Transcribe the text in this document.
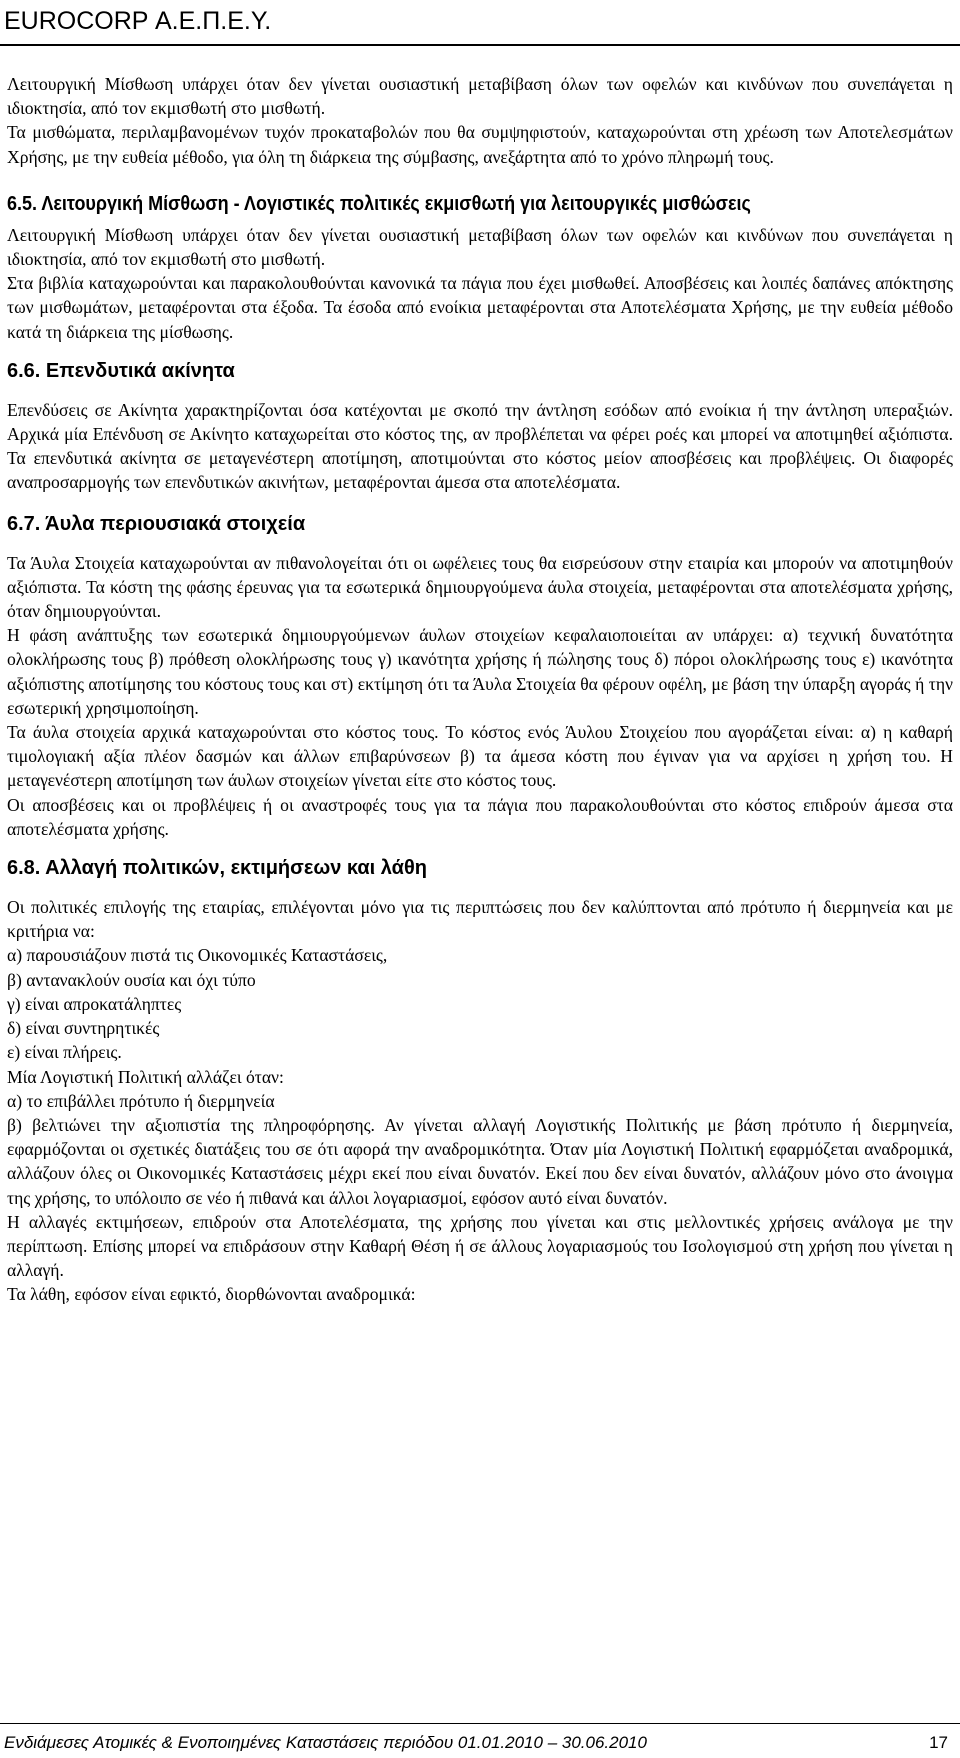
EUROCORP Α.Ε.Π.Ε.Υ.

Λειτουργική Μίσθωση υπάρχει όταν δεν γίνεται ουσιαστική μεταβίβαση όλων των οφελών και κινδύνων που συνεπάγεται η ιδιοκτησία, από τον εκμισθωτή στο μισθωτή.

Τα μισθώματα, περιλαμβανομένων τυχόν προκαταβολών που θα συμψηφιστούν, καταχωρούνται στη χρέωση των Αποτελεσμάτων Χρήσης, με την ευθεία μέθοδο, για όλη τη διάρκεια της σύμβασης, ανεξάρτητα από το χρόνο πληρωμή τους.

6.5. Λειτουργική Μίσθωση - Λογιστικές πολιτικές εκμισθωτή για λειτουργικές μισθώσεις

Λειτουργική Μίσθωση υπάρχει όταν δεν γίνεται ουσιαστική μεταβίβαση όλων των οφελών και κινδύνων που συνεπάγεται η ιδιοκτησία, από τον εκμισθωτή στο μισθωτή.

Στα βιβλία καταχωρούνται και παρακολουθούνται κανονικά τα πάγια που έχει μισθωθεί. Αποσβέσεις και λοιπές δαπάνες απόκτησης των μισθωμάτων, μεταφέρονται στα έξοδα. Τα έσοδα από ενοίκια μεταφέρονται στα Αποτελέσματα Χρήσης, με την ευθεία μέθοδο κατά τη διάρκεια της μίσθωσης.

6.6. Επενδυτικά ακίνητα

Επενδύσεις σε Ακίνητα χαρακτηρίζονται όσα κατέχονται με σκοπό την άντληση εσόδων από ενοίκια ή την άντληση υπεραξιών. Αρχικά μία Επένδυση σε Ακίνητο καταχωρείται στο κόστος της, αν προβλέπεται να φέρει ροές και μπορεί να αποτιμηθεί αξιόπιστα. Τα επενδυτικά ακίνητα σε μεταγενέστερη αποτίμηση, αποτιμούνται στο κόστος μείον αποσβέσεις και προβλέψεις. Οι διαφορές αναπροσαρμογής των επενδυτικών ακινήτων, μεταφέρονται άμεσα στα αποτελέσματα.

6.7. Άυλα περιουσιακά στοιχεία

Τα Άυλα Στοιχεία καταχωρούνται αν πιθανολογείται ότι οι ωφέλειες τους θα εισρεύσουν στην εταιρία και μπορούν να αποτιμηθούν αξιόπιστα. Τα κόστη της φάσης έρευνας για τα εσωτερικά δημιουργούμενα άυλα στοιχεία, μεταφέρονται στα αποτελέσματα χρήσης, όταν δημιουργούνται.

Η φάση ανάπτυξης των εσωτερικά δημιουργούμενων άυλων στοιχείων κεφαλαιοποιείται αν υπάρχει: α) τεχνική δυνατότητα ολοκλήρωσης τους β) πρόθεση ολοκλήρωσης τους γ) ικανότητα χρήσης ή πώλησης τους δ) πόροι ολοκλήρωσης τους ε) ικανότητα αξιόπιστης αποτίμησης του κόστους τους και στ) εκτίμηση ότι τα Άυλα Στοιχεία θα φέρουν οφέλη, με βάση την ύπαρξη αγοράς ή την εσωτερική χρησιμοποίηση.

Τα άυλα στοιχεία αρχικά καταχωρούνται στο κόστος τους. Το κόστος ενός Άυλου Στοιχείου που αγοράζεται είναι: α) η καθαρή τιμολογιακή αξία πλέον δασμών και άλλων επιβαρύνσεων β) τα άμεσα κόστη που έγιναν για να αρχίσει η χρήση του. Η μεταγενέστερη αποτίμηση των άυλων στοιχείων γίνεται είτε στο κόστος τους.

Οι αποσβέσεις και οι προβλέψεις ή οι αναστροφές τους για τα πάγια που παρακολουθούνται στο κόστος επιδρούν άμεσα στα αποτελέσματα χρήσης.

6.8. Αλλαγή πολιτικών, εκτιμήσεων και λάθη

Οι πολιτικές επιλογής της εταιρίας, επιλέγονται μόνο για τις περιπτώσεις που δεν καλύπτονται από πρότυπο ή διερμηνεία και με κριτήρια να:

α) παρουσιάζουν πιστά τις Οικονομικές Καταστάσεις,

β) αντανακλούν ουσία και όχι τύπο

γ) είναι απροκατάληπτες

δ) είναι συντηρητικές

ε) είναι πλήρεις.

Μία Λογιστική Πολιτική αλλάζει όταν:

α) το επιβάλλει πρότυπο ή διερμηνεία

β) βελτιώνει την αξιοπιστία της πληροφόρησης. Αν γίνεται αλλαγή Λογιστικής Πολιτικής με βάση πρότυπο ή διερμηνεία, εφαρμόζονται οι σχετικές διατάξεις του σε ότι αφορά την αναδρομικότητα. Όταν μία Λογιστική Πολιτική εφαρμόζεται αναδρομικά, αλλάζουν όλες οι Οικονομικές Καταστάσεις μέχρι εκεί που είναι δυνατόν. Εκεί που δεν είναι δυνατόν, αλλάζουν μόνο στο άνοιγμα της χρήσης, το υπόλοιπο σε νέο ή πιθανά και άλλοι λογαριασμοί, εφόσον αυτό είναι δυνατόν.

Η αλλαγές εκτιμήσεων, επιδρούν στα Αποτελέσματα, της χρήσης που γίνεται και στις μελλοντικές χρήσεις ανάλογα με την περίπτωση. Επίσης μπορεί να επιδράσουν στην Καθαρή Θέση ή σε άλλους λογαριασμούς του Ισολογισμού στη χρήση που γίνεται η αλλαγή.

Τα λάθη, εφόσον είναι εφικτό, διορθώνονται αναδρομικά:

Ενδιάμεσες Ατομικές & Ενοποιημένες Καταστάσεις περιόδου 01.01.2010 – 30.06.2010	17
